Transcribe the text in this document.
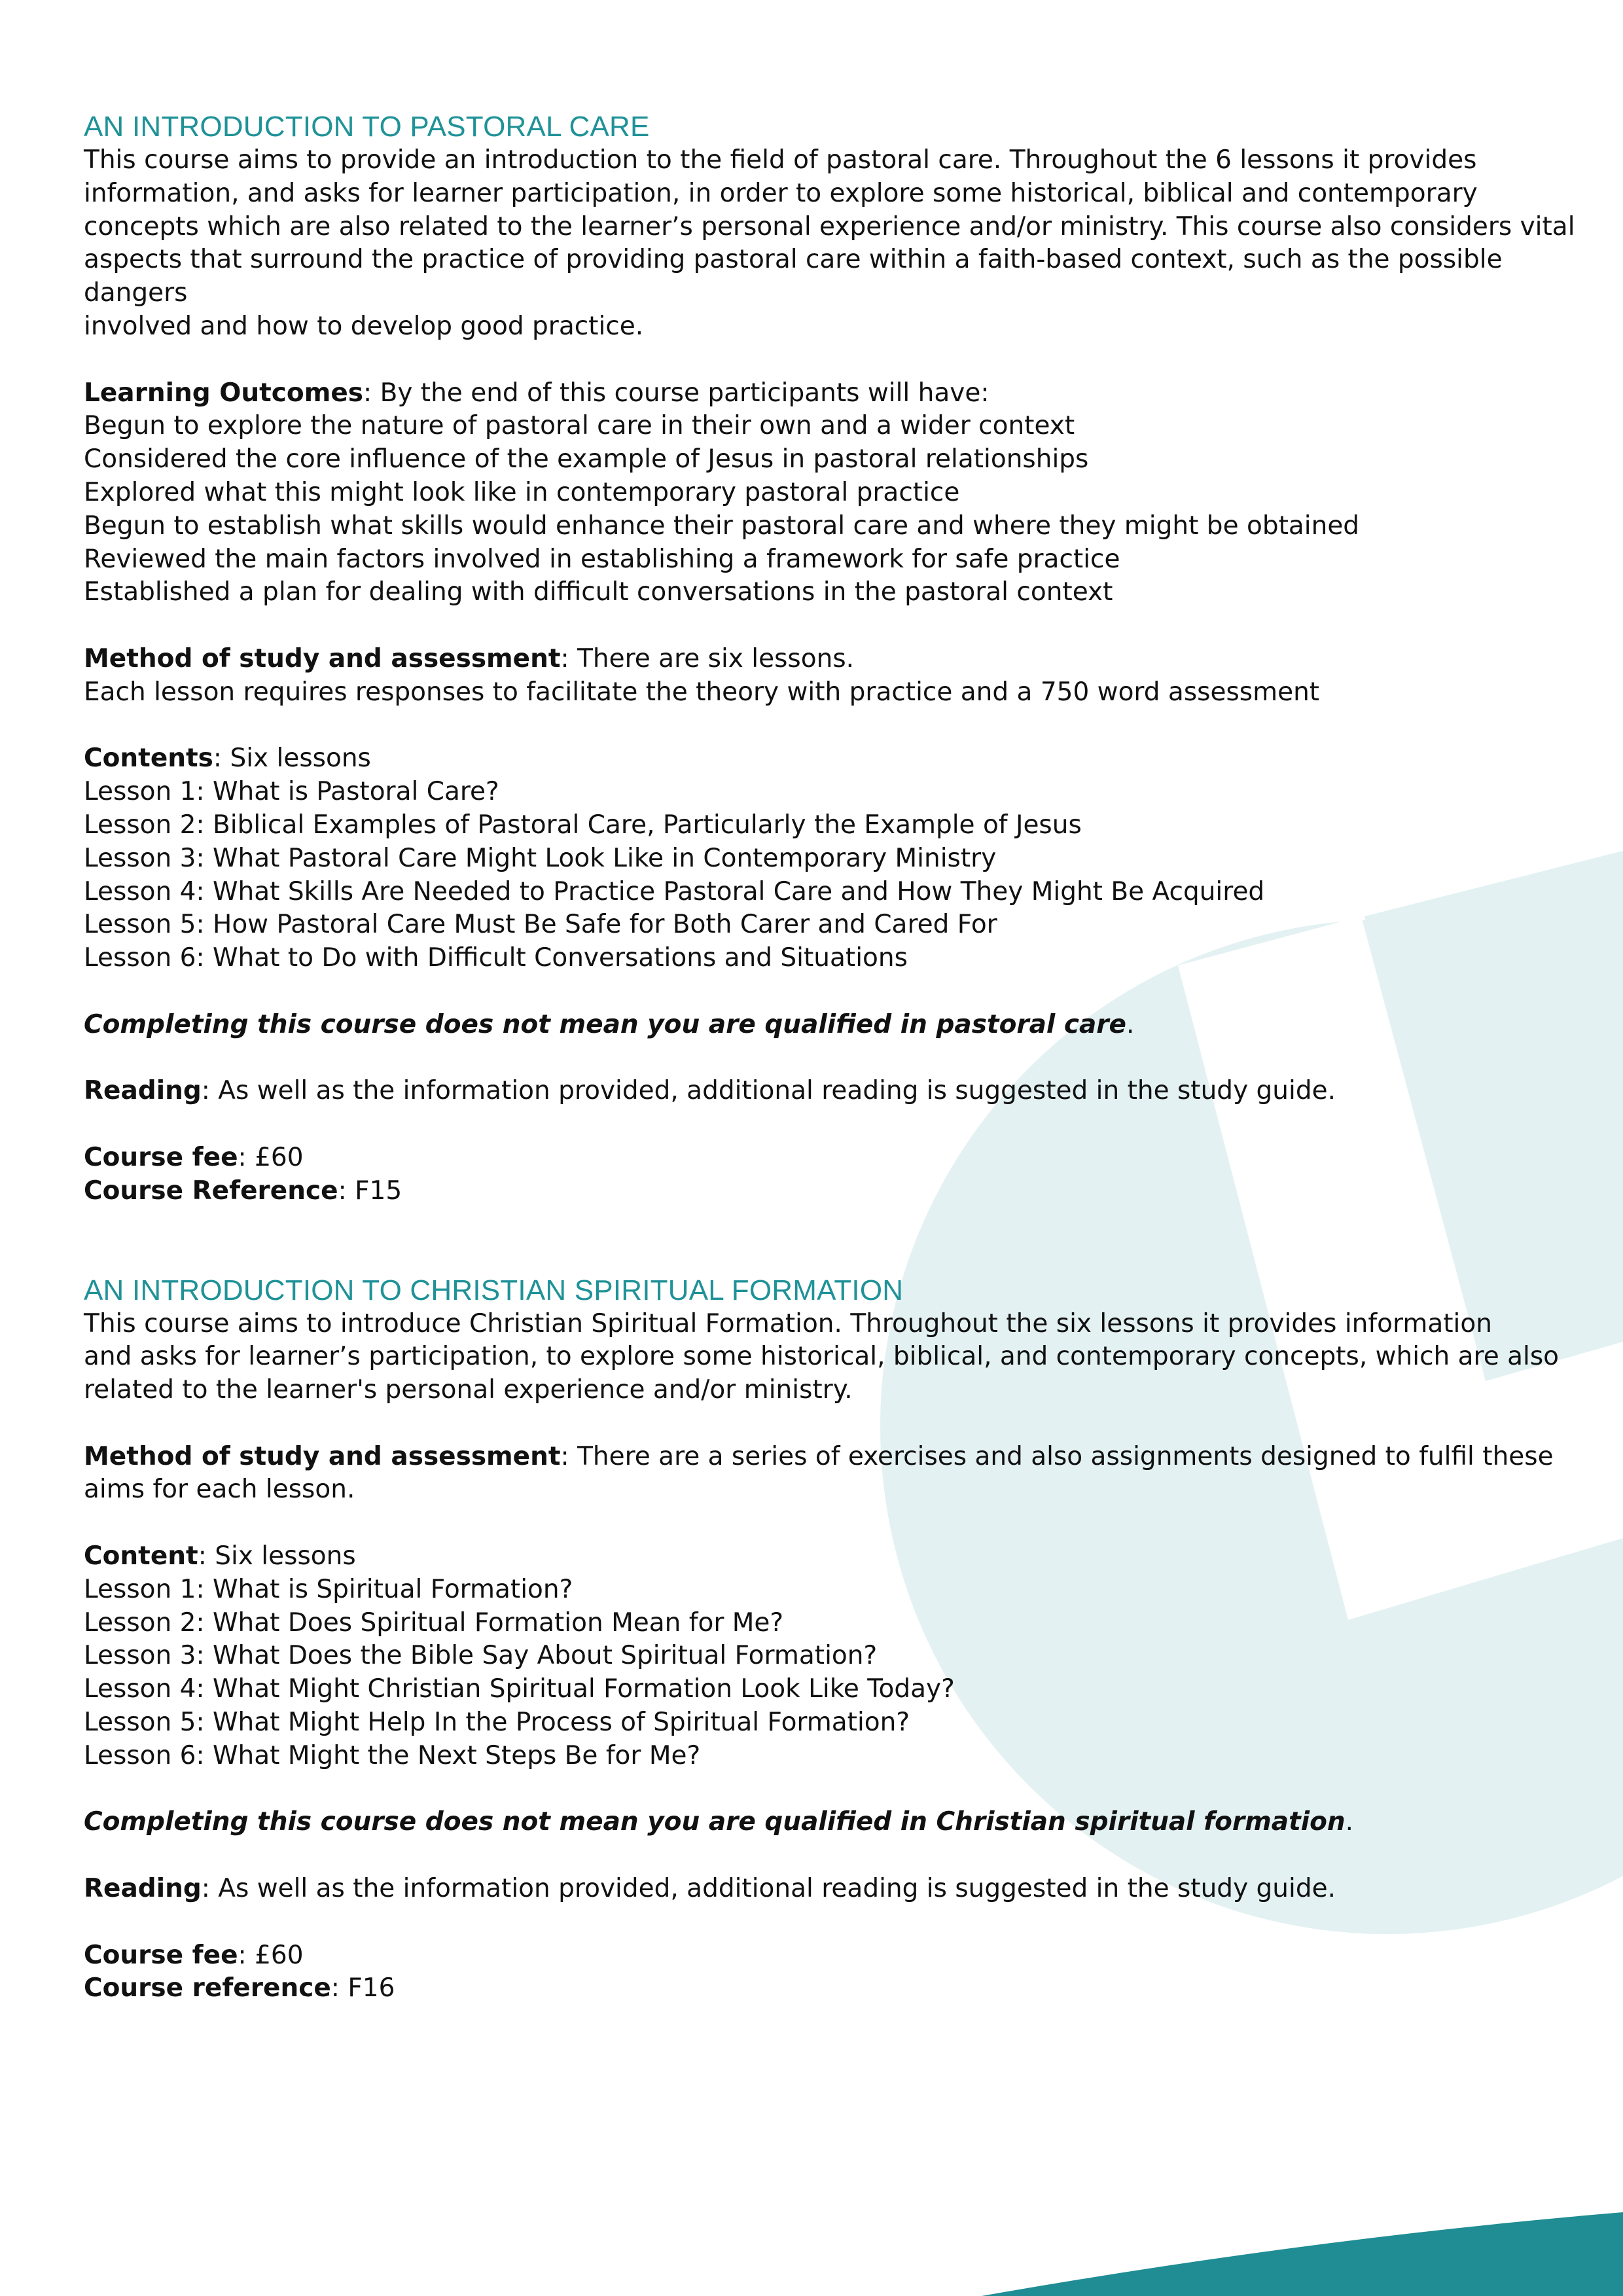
AN INTRODUCTION TO PASTORAL CARE

This course aims to provide an introduction to the field of pastoral care. Throughout the 6 lessons it provides

information, and asks for learner participation, in order to explore some historical, biblical and contemporary

concepts which are also related to the learner’s personal experience and/or ministry. This course also considers vital

aspects that surround the practice of providing pastoral care within a faith-based context, such as the possible dangers

involved and how to develop good practice.

Learning Outcomes: By the end of this course participants will have:

Begun to explore the nature of pastoral care in their own and a wider context

Considered the core influence of the example of Jesus in pastoral relationships

Explored what this might look like in contemporary pastoral practice

Begun to establish what skills would enhance their pastoral care and where they might be obtained

Reviewed the main factors involved in establishing a framework for safe practice

Established a plan for dealing with difficult conversations in the pastoral context

Method of study and assessment: There are six lessons.

Each lesson requires responses to facilitate the theory with practice and a 750 word assessment

Contents: Six lessons

Lesson 1: What is Pastoral Care?

Lesson 2: Biblical Examples of Pastoral Care, Particularly the Example of Jesus

Lesson 3: What Pastoral Care Might Look Like in Contemporary Ministry

Lesson 4: What Skills Are Needed to Practice Pastoral Care and How They Might Be Acquired

Lesson 5: How Pastoral Care Must Be Safe for Both Carer and Cared For

Lesson 6: What to Do with Difficult Conversations and Situations

Completing this course does not mean you are qualified in pastoral care.

Reading: As well as the information provided, additional reading is suggested in the study guide.

Course fee: £60

Course Reference: F15

AN INTRODUCTION TO CHRISTIAN SPIRITUAL FORMATION

This course aims to introduce Christian Spiritual Formation. Throughout the six lessons it provides information

and asks for learner’s participation, to explore some historical, biblical, and contemporary concepts, which are also

related to the learner's personal experience and/or ministry.

Method of study and assessment: There are a series of exercises and also assignments designed to fulfil these

aims for each lesson.

Content: Six lessons

Lesson 1: What is Spiritual Formation?

Lesson 2: What Does Spiritual Formation Mean for Me?

Lesson 3: What Does the Bible Say About Spiritual Formation?

Lesson 4: What Might Christian Spiritual Formation Look Like Today?

Lesson 5: What Might Help In the Process of Spiritual Formation?

Lesson 6: What Might the Next Steps Be for Me?

Completing this course does not mean you are qualified in Christian spiritual formation.

Reading: As well as the information provided, additional reading is suggested in the study guide.

Course fee: £60

Course reference: F16
